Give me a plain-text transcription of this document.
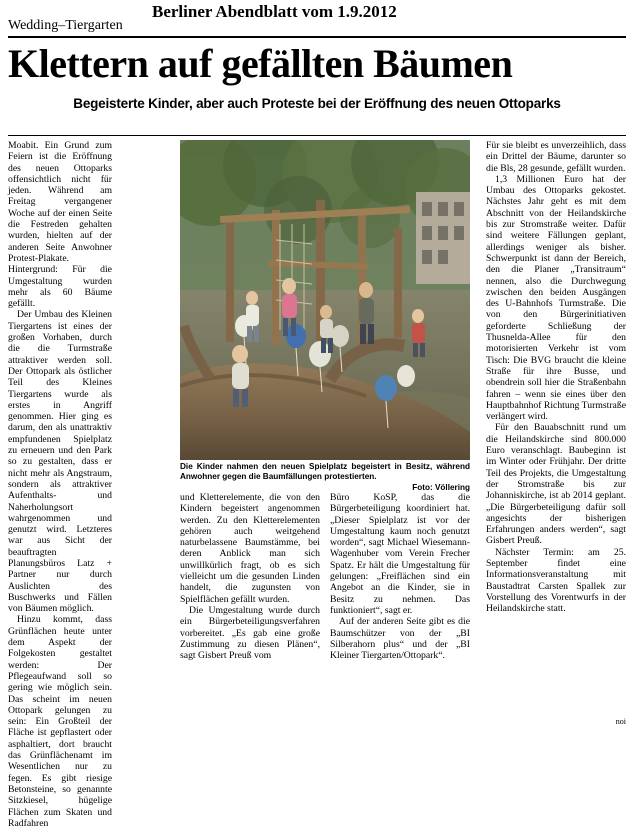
Berliner Abendblatt vom 1.9.2012
Wedding–Tiergarten
Klettern auf gefällten Bäumen
Begeisterte Kinder, aber auch Proteste bei der Eröffnung des neuen Ottoparks

Moabit. Ein Grund zum Feiern ist die Eröffnung des neuen Ottoparks offensichtlich nicht für jeden. Während am Freitag vergangener Woche auf der einen Seite die Festreden gehalten wurden, hielten auf der anderen Seite Anwohner Protest-Plakate. Hintergrund: Für die Umgestaltung wurden mehr als 60 Bäume gefällt.

Der Umbau des Kleinen Tiergartens ist eines der großen Vorhaben, durch die die Turmstraße attraktiver werden soll. Der Ottopark als östlicher Teil des Kleines Tiergartens wurde als erstes in Angriff genommen. Hier ging es darum, den als unattraktiv empfundenen Spielplatz zu erneuern und den Park so zu gestalten, dass er nicht mehr als Angstraum, sondern als attraktiver Aufenthalts- und Naherholungsort wahrgenommen und genutzt wird. Letzteres war aus Sicht der beauftragten Planungsbüros Latz + Partner nur durch Auslichten des Buschwerks und Fällen von Bäumen möglich.

Hinzu kommt, dass Grünflächen heute unter dem Aspekt der Folgekosten gestaltet werden: Der Pflegeaufwand soll so gering wie möglich sein. Das scheint im neuen Ottopark gelungen zu sein: Ein Großteil der Fläche ist gepflastert oder asphaltiert, dort braucht das Grünflächenamt im Wesentlichen nur zu fegen. Es gibt riesige Betonsteine, so genannte Sitzkiesel, hügelige Flächen zum Skaten und Radfahren

Die Kinder nahmen den neuen Spielplatz begeistert in Besitz, während Anwohner gegen die Baumfällungen protestierten.
Foto: Völlering

und Kletterelemente, die von den Kindern begeistert angenommen werden. Zu den Kletterelementen gehören auch weitgehend naturbelassene Baumstämme, bei deren Anblick man sich unwillkürlich fragt, ob es sich vielleicht um die gesunden Linden handelt, die zugunsten von Spielflächen gefällt wurden.

Die Umgestaltung wurde durch ein Bürgerbeteiligungsverfahren vorbereitet. „Es gab eine große Zustimmung zu diesen Plänen“, sagt Gisbert Preuß vom

Büro KoSP, das die Bürgerbeteiligung koordiniert hat. „Dieser Spielplatz ist vor der Umgestaltung kaum noch genutzt worden“, sagt Michael Wiesemann-Wagenhuber vom Verein Frecher Spatz. Er hält die Umgestaltung für gelungen: „Freiflächen sind ein Angebot an die Kinder, sie in Besitz zu nehmen. Das funktioniert“, sagt er.

Auf der anderen Seite gibt es die Baumschützer von der „BI Silberahorn plus“ und der „BI Kleiner Tiergarten/Ottopark“.

Für sie bleibt es unverzeihlich, dass ein Drittel der Bäume, darunter so die Bls, 28 gesunde, gefällt wurden.

1,3 Millionen Euro hat der Umbau des Ottoparks gekostet. Nächstes Jahr geht es mit dem Abschnitt von der Heilandskirche bis zur Stromstraße weiter. Dafür sind weitere Fällungen geplant, allerdings weniger als bisher. Schwerpunkt ist dann der Bereich, den die Planer „Transitraum“ nennen, also die Durchwegung zwischen den beiden Ausgängen des U-Bahnhofs Turmstraße. Die von den Bürgerinitiativen geforderte Schließung der Thusnelda-Allee für den motorisierten Verkehr ist vom Tisch: Die BVG braucht die kleine Straße für ihre Busse, und obendrein soll hier die Straßenbahn fahren – wenn sie eines über den Hauptbahnhof Richtung Turmstraße verlängert wird.

Für den Bauabschnitt rund um die Heilandskirche sind 800.000 Euro veranschlagt. Baubeginn ist im Winter oder Frühjahr. Der dritte Teil des Projekts, die Umgestaltung der Stromstraße bis zur Johanniskirche, ist ab 2014 geplant. „Die Bürgerbeteiligung dafür soll angesichts der bisherigen Erfahrungen anders werden“, sagt Gisbert Preuß.

Nächster Termin: am 25. September findet eine Informationsveranstaltung mit Baustadtrat Carsten Spallek zur Vorstellung des Vorentwurfs in der Heilandskirche statt.

noi
